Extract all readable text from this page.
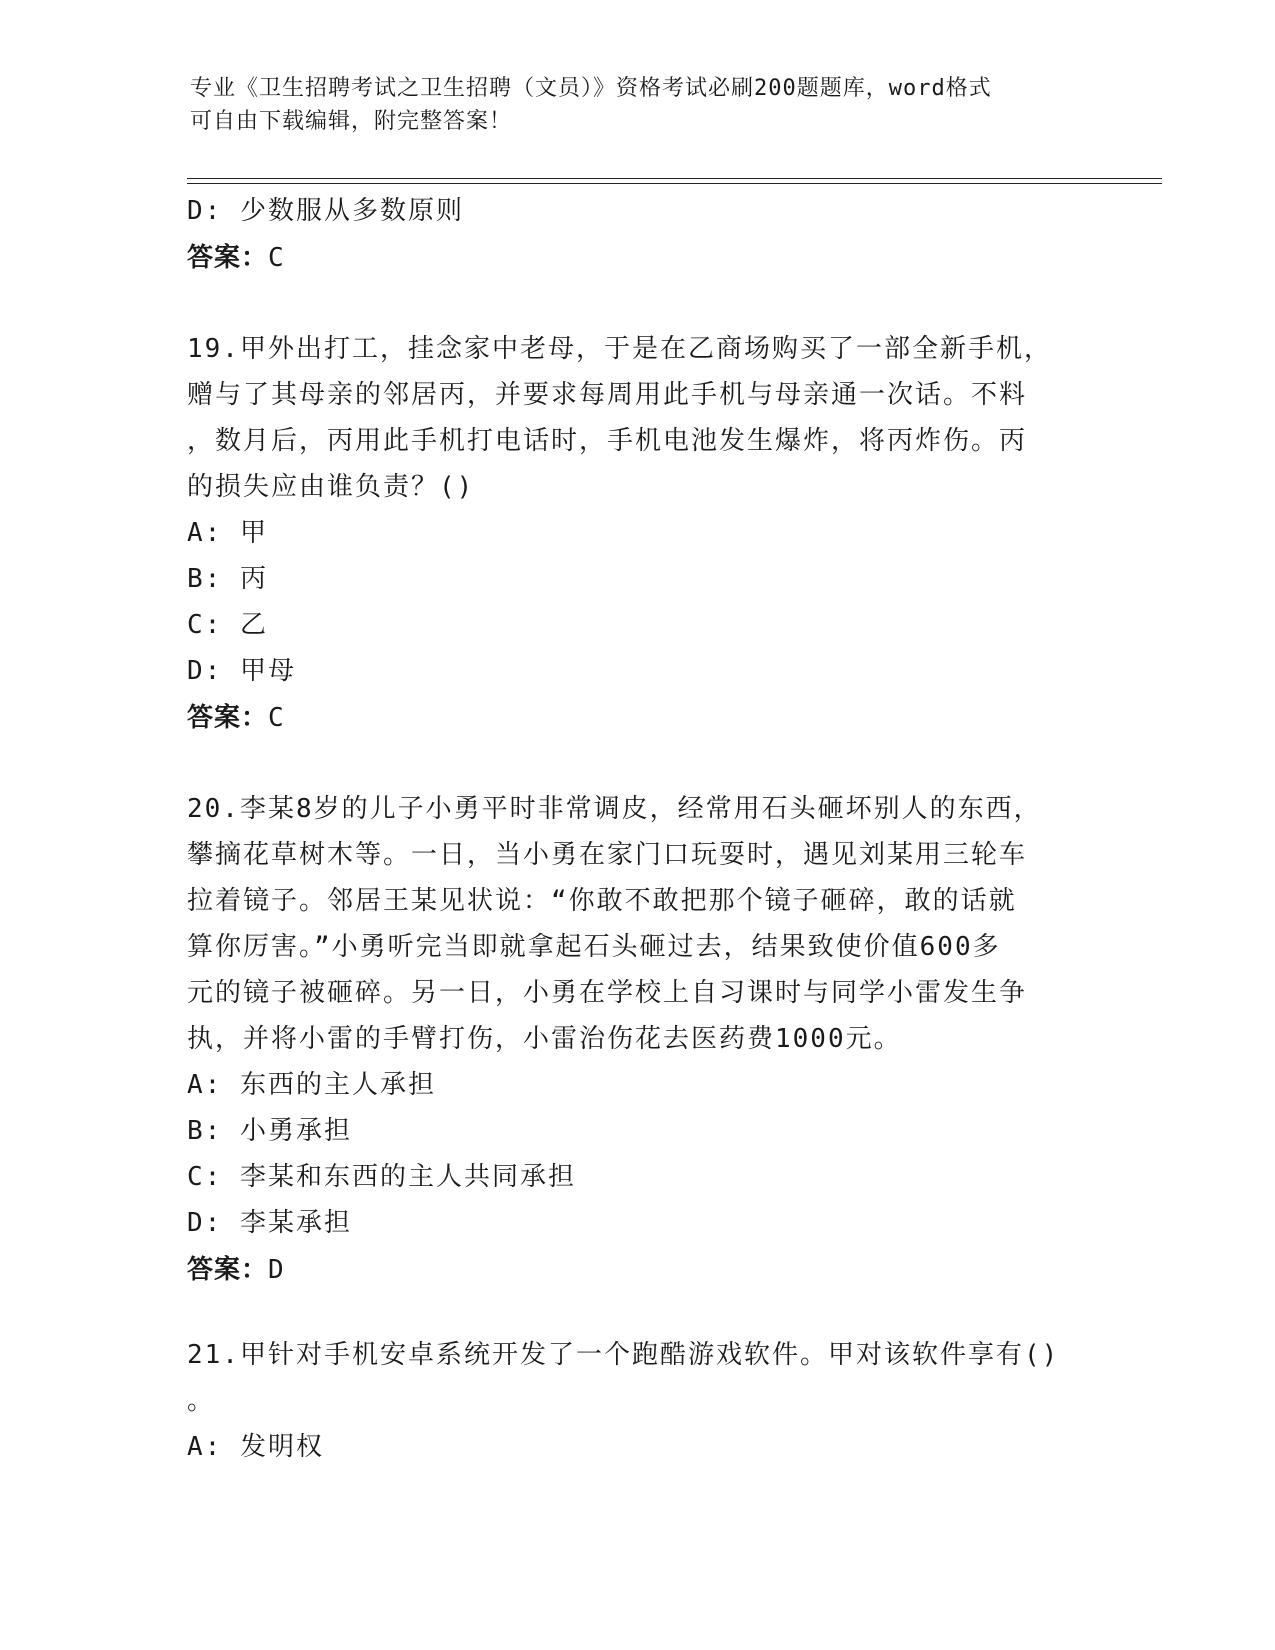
专业《卫生招聘考试之卫生招聘（文员）》资格考试必刷200题题库，word格式
可自由下载编辑，附完整答案！
D: 少数服从多数原则
答案：C
19.甲外出打工，挂念家中老母，于是在乙商场购买了一部全新手机，
赠与了其母亲的邻居丙，并要求每周用此手机与母亲通一次话。不料
，数月后，丙用此手机打电话时，手机电池发生爆炸，将丙炸伤。丙
的损失应由谁负责？()
A: 甲
B: 丙
C: 乙
D: 甲母
答案：C
20.李某8岁的儿子小勇平时非常调皮，经常用石头砸坏别人的东西，
攀摘花草树木等。一日，当小勇在家门口玩耍时，遇见刘某用三轮车
拉着镜子。邻居王某见状说：“你敢不敢把那个镜子砸碎，敢的话就
算你厉害。”小勇听完当即就拿起石头砸过去，结果致使价值600多
元的镜子被砸碎。另一日，小勇在学校上自习课时与同学小雷发生争
执，并将小雷的手臂打伤，小雷治伤花去医药费1000元。
A: 东西的主人承担
B: 小勇承担
C: 李某和东西的主人共同承担
D: 李某承担
答案：D
21.甲针对手机安卓系统开发了一个跑酷游戏软件。甲对该软件享有()
。
A: 发明权
